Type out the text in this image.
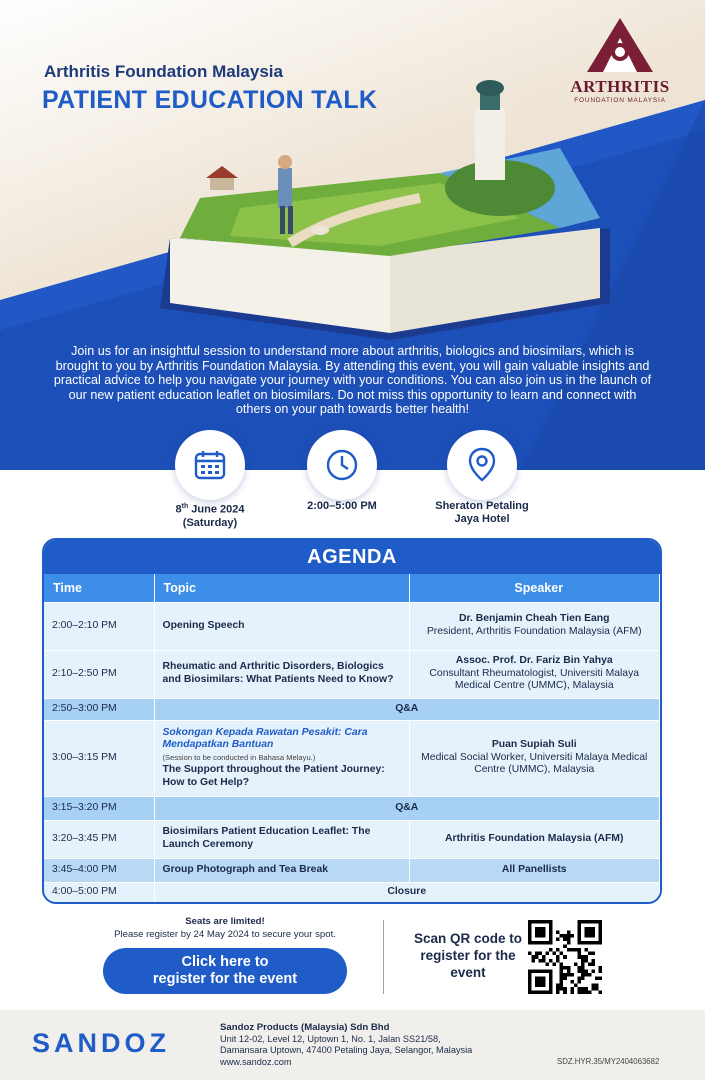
Arthritis Foundation Malaysia
PATIENT EDUCATION TALK	ARTHRITIS
FOUNDATION MALAYSIA
Join us for an insightful session to understand more about arthritis, biologics and biosimilars, which is brought to you by Arthritis Foundation Malaysia. By attending this event, you will gain valuable insights and practical advice to help you navigate your journey with your conditions. You can also join us in the launch of our new patient education leaflet on biosimilars. Do not miss this opportunity to learn and connect with others on your path towards better health!
8th June 2024
(Saturday)
2:00–5:00 PM	Sheraton Petaling
Jaya Hotel
AGENDA
Time	Topic	Speaker
2:00–2:10 PM	Opening Speech	Dr. Benjamin Cheah Tien Eang
President, Arthritis Foundation Malaysia (AFM)
2:10–2:50 PM	Rheumatic and Arthritic Disorders, Biologics and Biosimilars: What Patients Need to Know?	Assoc. Prof. Dr. Fariz Bin Yahya
Consultant Rheumatologist, Universiti Malaya Medical Centre (UMMC), Malaysia
2:50–3:00 PM	Q&A	
3:00–3:15 PM	Sokongan Kepada Rawatan Pesakit: Cara Mendapatkan Bantuan
(Session to be conducted in Bahasa Melayu.)
The Support throughout the Patient Journey: How to Get Help?	Puan Supiah Suli
Medical Social Worker, Universiti Malaya Medical Centre (UMMC), Malaysia
3:15–3:20 PM	Q&A	
3:20–3:45 PM	Biosimilars Patient Education Leaflet: The Launch Ceremony	Arthritis Foundation Malaysia (AFM)
3:45–4:00 PM	Group Photograph and Tea Break	All Panellists
4:00–5:00 PM	Closure	
Seats are limited!
Please register by 24 May 2024 to secure your spot.
Click here to
register for the event
Scan QR code to register for the event
SANDOZ
Sandoz Products (Malaysia) Sdn Bhd
Unit 12-02, Level 12, Uptown 1, No. 1, Jalan SS21/58,
Damansara Uptown, 47400 Petaling Jaya, Selangor, Malaysia
www.sandoz.com	SDZ.HYR.35/MY2404063682
